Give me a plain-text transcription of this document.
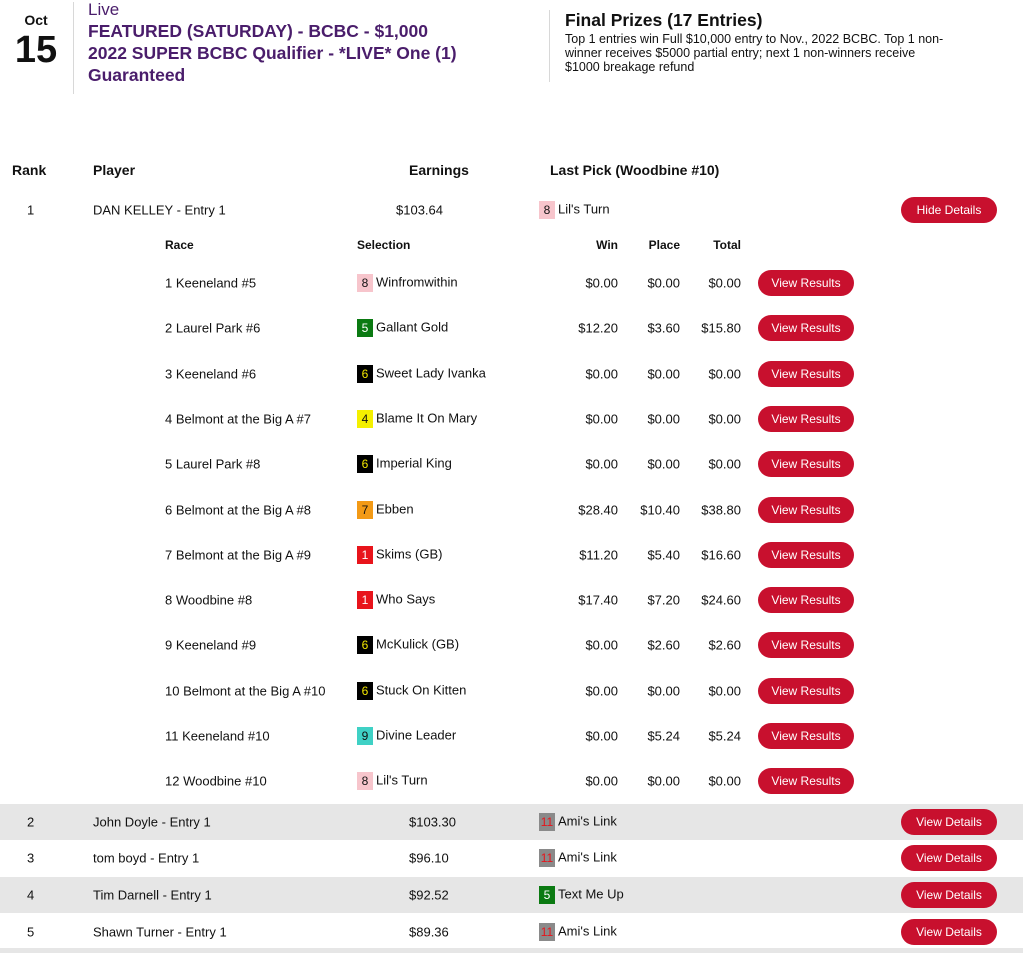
Oct
15
Live
FEATURED (SATURDAY) - BCBC - $1,000
2022 SUPER BCBC Qualifier - *LIVE* One (1)
Guaranteed
Final Prizes (17 Entries)
Top 1 entries win Full $10,000 entry to Nov., 2022 BCBC. Top 1 non-
winner receives $5000 partial entry; next 1 non-winners receive
$1000 breakage refund
Rank	Player	Earnings	Last Pick (Woodbine #10)
1	DAN KELLEY - Entry 1	$103.64	8 Lil's Turn	Hide Details
Race	Selection	Win	Place	Total
1 Keeneland #5	8 Winfromwithin	$0.00	$0.00	$0.00	View Results
2 Laurel Park #6	5 Gallant Gold	$12.20	$3.60	$15.80	View Results
3 Keeneland #6	6 Sweet Lady Ivanka	$0.00	$0.00	$0.00	View Results
4 Belmont at the Big A #7	4 Blame It On Mary	$0.00	$0.00	$0.00	View Results
5 Laurel Park #8	6 Imperial King	$0.00	$0.00	$0.00	View Results
6 Belmont at the Big A #8	7 Ebben	$28.40	$10.40	$38.80	View Results
7 Belmont at the Big A #9	1 Skims (GB)	$11.20	$5.40	$16.60	View Results
8 Woodbine #8	1 Who Says	$17.40	$7.20	$24.60	View Results
9 Keeneland #9	6 McKulick (GB)	$0.00	$2.60	$2.60	View Results
10 Belmont at the Big A #10	6 Stuck On Kitten	$0.00	$0.00	$0.00	View Results
11 Keeneland #10	9 Divine Leader	$0.00	$5.24	$5.24	View Results
12 Woodbine #10	8 Lil's Turn	$0.00	$0.00	$0.00	View Results
2	John Doyle - Entry 1	$103.30	11 Ami's Link	View Details
3	tom boyd - Entry 1	$96.10	11 Ami's Link	View Details
4	Tim Darnell - Entry 1	$92.52	5 Text Me Up	View Details
5	Shawn Turner - Entry 1	$89.36	11 Ami's Link	View Details
